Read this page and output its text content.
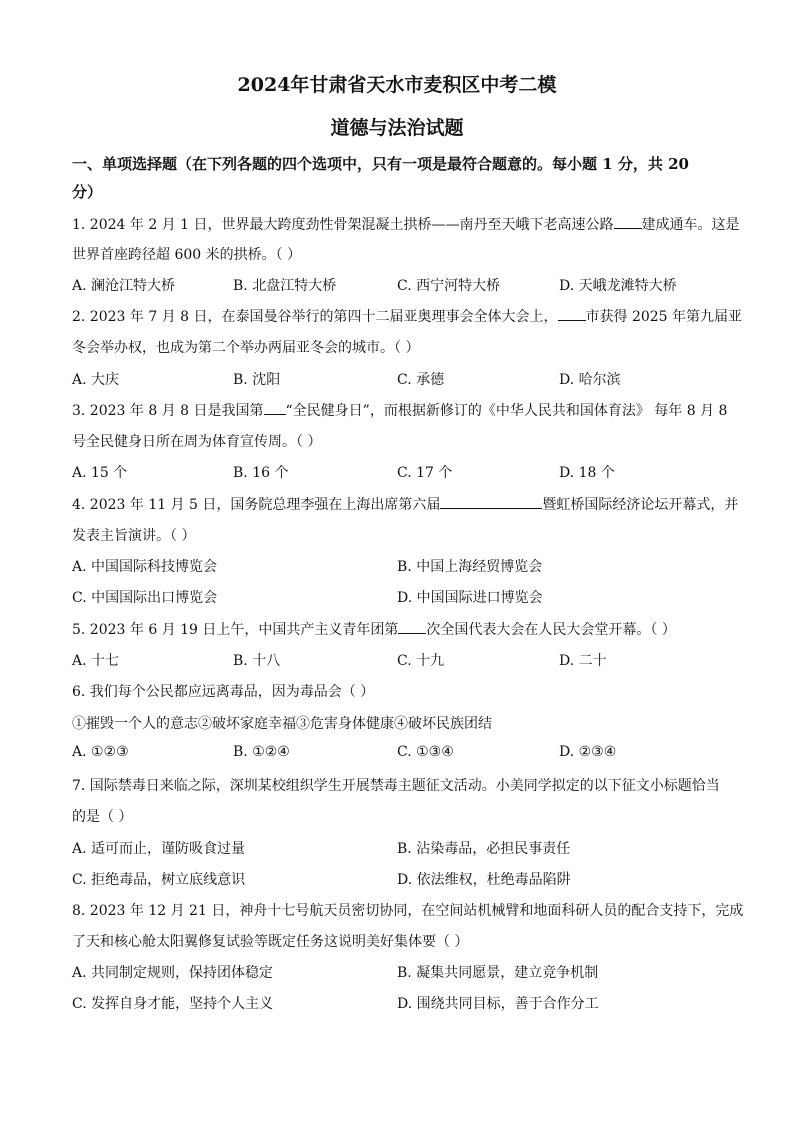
2024年甘肃省天水市麦积区中考二模
道德与法治试题
一、单项选择题（在下列各题的四个选项中，只有一项是最符合题意的。每小题 1 分，共 20
分）
1. 2024 年 2 月 1 日，世界最大跨度劲性骨架混凝土拱桥——南丹至天峨下老高速公路 建成通车。这是
世界首座跨径超 600 米的拱桥。（ ）
A. 澜沧江特大桥	B. 北盘江特大桥	C. 西宁河特大桥	D. 天峨龙滩特大桥
2. 2023 年 7 月 8 日，在泰国曼谷举行的第四十二届亚奥理事会全体大会上， 市获得 2025 年第九届亚
冬会举办权，也成为第二个举办两届亚冬会的城市。（ ）
A. 大庆	B. 沈阳	C. 承德	D. 哈尔滨
3. 2023 年 8 月 8 日是我国第 “全民健身日”，而根据新修订的《中华人民共和国体育法》 每年 8 月 8
号全民健身日所在周为体育宣传周。（ ）
A. 15 个	B. 16 个	C. 17 个	D. 18 个
4. 2023 年 11 月 5 日，国务院总理李强在上海出席第六届	暨虹桥国际经济论坛开幕式，并
发表主旨演讲。（ ）
A. 中国国际科技博览会	B. 中国上海经贸博览会
C. 中国国际出口博览会	D. 中国国际进口博览会
5. 2023 年 6 月 19 日上午，中国共产主义青年团第 次全国代表大会在人民大会堂开幕。（ ）
A. 十七	B. 十八	C. 十九	D. 二十
6. 我们每个公民都应远离毒品，因为毒品会（ ）
①摧毁一个人的意志②破坏家庭幸福③危害身体健康④破坏民族团结
A. ①②③	B. ①②④	C. ①③④	D. ②③④
7. 国际禁毒日来临之际，深圳某校组织学生开展禁毒主题征文活动。小美同学拟定的以下征文小标题恰当
的是（ ）
A. 适可而止，谨防吸食过量	B. 沾染毒品，必担民事责任
C. 拒绝毒品，树立底线意识	D. 依法维权，杜绝毒品陷阱
8. 2023 年 12 月 21 日，神舟十七号航天员密切协同，在空间站机械臂和地面科研人员的配合支持下，完成
了天和核心舱太阳翼修复试验等既定任务这说明美好集体要（ ）
A. 共同制定规则，保持团体稳定	B. 凝集共同愿景，建立竞争机制
C. 发挥自身才能，坚持个人主义	D. 围绕共同目标，善于合作分工
